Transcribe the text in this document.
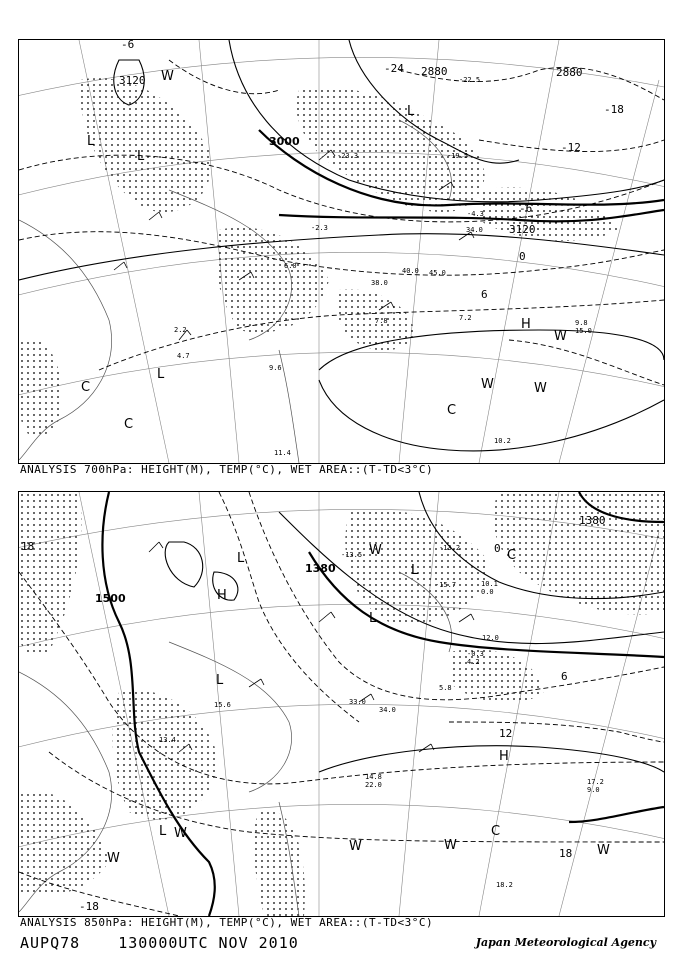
3120
3000
2880	2880
3120
-24
-18
-12
-6
0
6
-6
L
L
L
L
W
W
W	W
C
C
C
H
-22.5
-23.3	-19.5
-2.3
-4.3
9.6
11.4
10.2
9.8
7.2
7.8
34.0
38.0
45.0
40.0
6.0
15.0
4.7
2.2
ANALYSIS 700hPa: HEIGHT(M), TEMP(°C), WET AREA::(T-TD<3°C)
1500
1380
1380
18
12
6
0
18
-18
L
L
L
L
L
W
W
W
W	W	W
H
H
C
C
-13.5
-15.7
-13.2
10.1
0.0
12.0
15.6
13.4
17.2
9.0
18.2
14.8
22.0
33.0
34.0
5.8
4.2
-0.3
ANALYSIS 850hPa: HEIGHT(M), TEMP(°C), WET AREA::(T-TD<3°C)
AUPQ78	130000UTC NOV 2010	Japan Meteorological Agency
